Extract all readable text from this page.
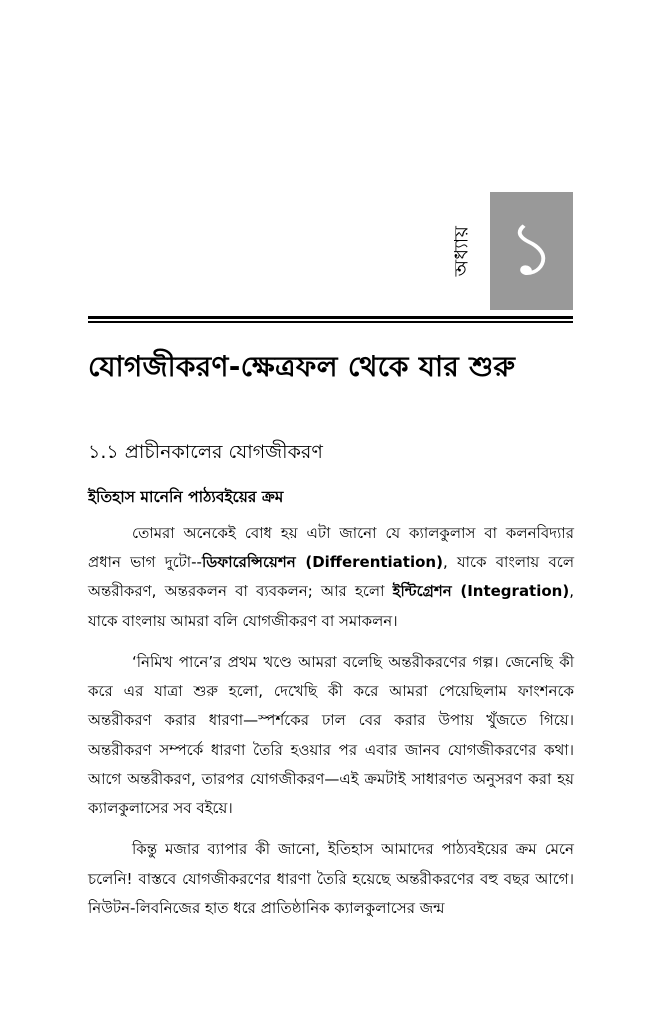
অধ্যায় ১
যোগজীকরণ-ক্ষেত্রফল থেকে যার শুরু
১.১ প্রাচীনকালের যোগজীকরণ
ইতিহাস মানেনি পাঠ্যবইয়ের ক্রম

তোমরা অনেকেই বোধ হয় এটা জানো যে ক্যালকুলাস বা কলনবিদ্যার প্রধান ভাগ দুটো--ডিফারেন্সিয়েশন (Differentiation), যাকে বাংলায় বলে অন্তরীকরণ, অন্তরকলন বা ব্যবকলন; আর হলো ইন্টিগ্রেশন (Integration), যাকে বাংলায় আমরা বলি যোগজীকরণ বা সমাকলন।

‘নিমিখ পানে’র প্রথম খণ্ডে আমরা বলেছি অন্তরীকরণের গল্প। জেনেছি কী করে এর যাত্রা শুরু হলো, দেখেছি কী করে আমরা পেয়েছিলাম ফাংশনকে অন্তরীকরণ করার ধারণা—স্পর্শকের ঢাল বের করার উপায় খুঁজতে গিয়ে। অন্তরীকরণ সম্পর্কে ধারণা তৈরি হওয়ার পর এবার জানব যোগজীকরণের কথা। আগে অন্তরীকরণ, তারপর যোগজীকরণ—এই ক্রমটাই সাধারণত অনুসরণ করা হয় ক্যালকুলাসের সব বইয়ে।

কিন্তু মজার ব্যাপার কী জানো, ইতিহাস আমাদের পাঠ্যবইয়ের ক্রম মেনে চলেনি! বাস্তবে যোগজীকরণের ধারণা তৈরি হয়েছে অন্তরীকরণের বহু বছর আগে। নিউটন-লিবনিজের হাত ধরে প্রাতিষ্ঠানিক ক্যালকুলাসের জন্ম
